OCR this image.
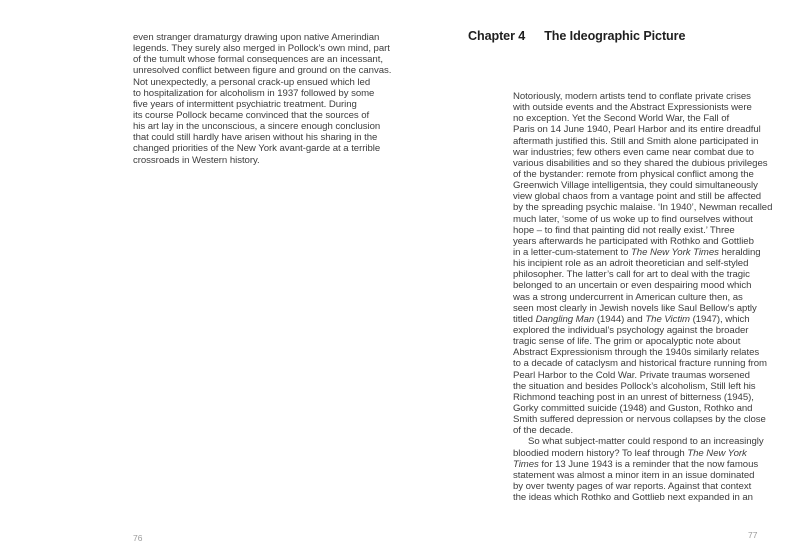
even stranger dramaturgy drawing upon native Amerindian
legends. They surely also merged in Pollock’s own mind, part
of the tumult whose formal consequences are an incessant,
unresolved conflict between figure and ground on the canvas.
Not unexpectedly, a personal crack-up ensued which led
to hospitalization for alcoholism in 1937 followed by some
five years of intermittent psychiatric treatment. During
its course Pollock became convinced that the sources of
his art lay in the unconscious, a sincere enough conclusion
that could still hardly have arisen without his sharing in the
changed priorities of the New York avant-garde at a terrible
crossroads in Western history.
76
Chapter 4 The Ideographic Picture
Notoriously, modern artists tend to conflate private crises
with outside events and the Abstract Expressionists were
no exception. Yet the Second World War, the Fall of
Paris on 14 June 1940, Pearl Harbor and its entire dreadful
aftermath justified this. Still and Smith alone participated in
war industries; few others even came near combat due to
various disabilities and so they shared the dubious privileges
of the bystander: remote from physical conflict among the
Greenwich Village intelligentsia, they could simultaneously
view global chaos from a vantage point and still be affected
by the spreading psychic malaise. ‘In 1940’, Newman recalled
much later, ‘some of us woke up to find ourselves without
hope – to find that painting did not really exist.’ Three
years afterwards he participated with Rothko and Gottlieb
in a letter-cum-statement to The New York Times heralding
his incipient role as an adroit theoretician and self-styled
philosopher. The latter’s call for art to deal with the tragic
belonged to an uncertain or even despairing mood which
was a strong undercurrent in American culture then, as
seen most clearly in Jewish novels like Saul Bellow’s aptly
titled Dangling Man (1944) and The Victim (1947), which
explored the individual’s psychology against the broader
tragic sense of life. The grim or apocalyptic note about
Abstract Expressionism through the 1940s similarly relates
to a decade of cataclysm and historical fracture running from
Pearl Harbor to the Cold War. Private traumas worsened
the situation and besides Pollock’s alcoholism, Still left his
Richmond teaching post in an unrest of bitterness (1945),
Gorky committed suicide (1948) and Guston, Rothko and
Smith suffered depression or nervous collapses by the close
of the decade.
So what subject-matter could respond to an increasingly
bloodied modern history? To leaf through The New York
Times for 13 June 1943 is a reminder that the now famous
statement was almost a minor item in an issue dominated
by over twenty pages of war reports. Against that context
the ideas which Rothko and Gottlieb next expanded in an
77
